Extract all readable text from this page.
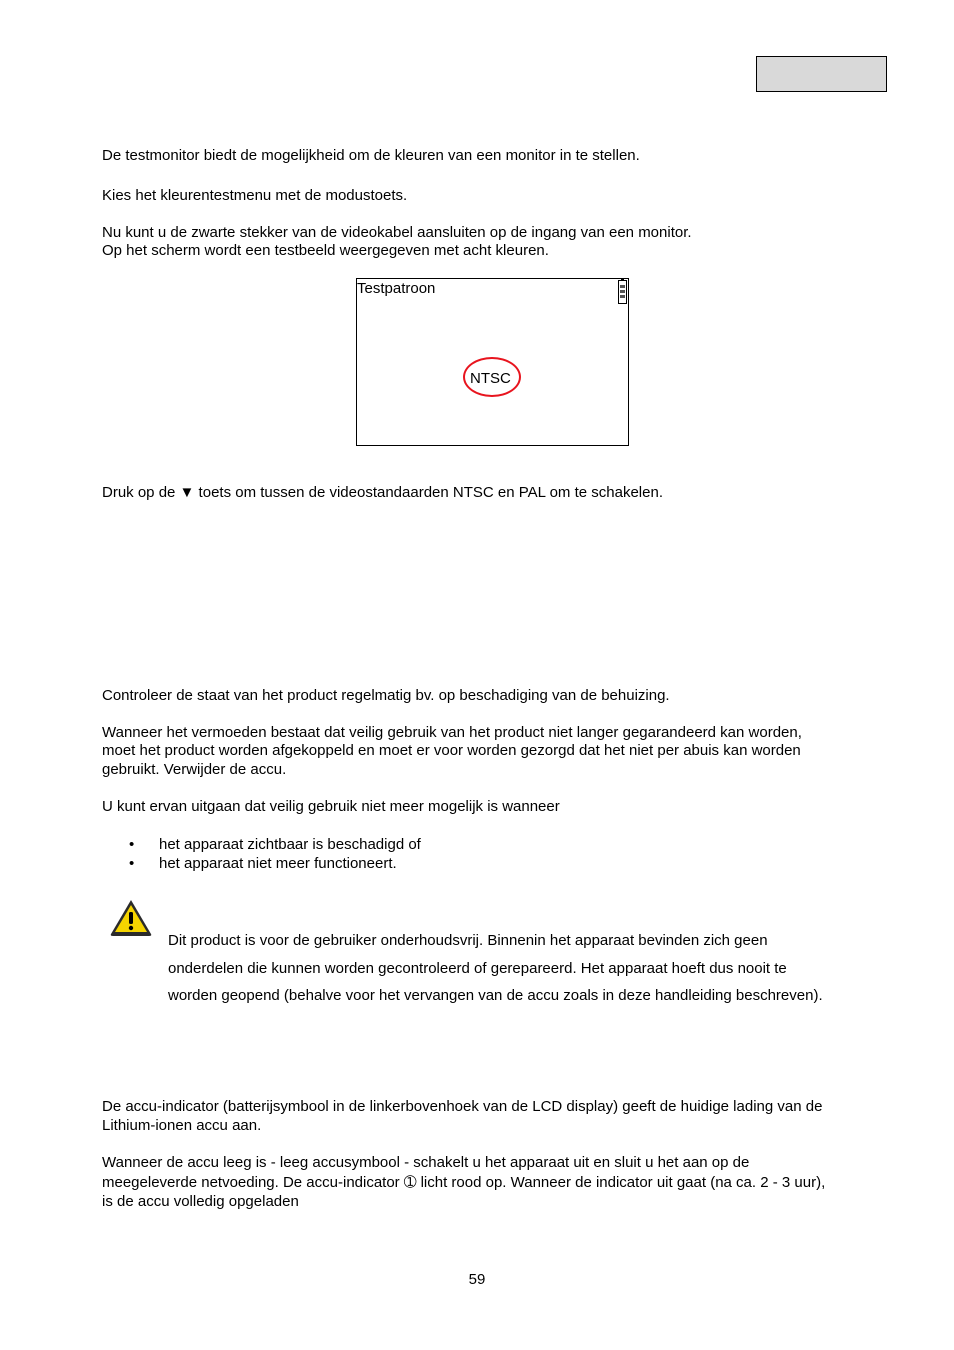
De testmonitor biedt de mogelijkheid om de kleuren van een monitor in te stellen.
Kies het kleurentestmenu met de modustoets.
Nu kunt u de zwarte stekker van de videokabel aansluiten op de ingang van een monitor.
Op het scherm wordt een testbeeld weergegeven met acht kleuren.
Testpatroon
NTSC
Druk op de ▼ toets om tussen de videostandaarden NTSC en PAL om te schakelen.
Controleer de staat van het product regelmatig bv. op beschadiging van de behuizing.
Wanneer het vermoeden bestaat dat veilig gebruik van het product niet langer gegarandeerd kan worden,
moet het product worden afgekoppeld en moet er voor worden gezorgd dat het niet per abuis kan worden
gebruikt. Verwijder de accu.
U kunt ervan uitgaan dat veilig gebruik niet meer mogelijk is wanneer
• het apparaat zichtbaar is beschadigd of
• het apparaat niet meer functioneert.
Dit product is voor de gebruiker onderhoudsvrij. Binnenin het apparaat bevinden zich geen
onderdelen die kunnen worden gecontroleerd of gerepareerd. Het apparaat hoeft dus nooit te
worden geopend (behalve voor het vervangen van de accu zoals in deze handleiding beschreven).
De accu-indicator (batterijsymbool in de linkerbovenhoek van de LCD display) geeft de huidige lading van de
Lithium-ionen accu aan.
Wanneer de accu leeg is - leeg accusymbool - schakelt u het apparaat uit en sluit u het aan op de
meegeleverde netvoeding. De accu-indicator ➀ licht rood op. Wanneer de indicator uit gaat (na ca. 2 - 3 uur),
is de accu volledig opgeladen
59
